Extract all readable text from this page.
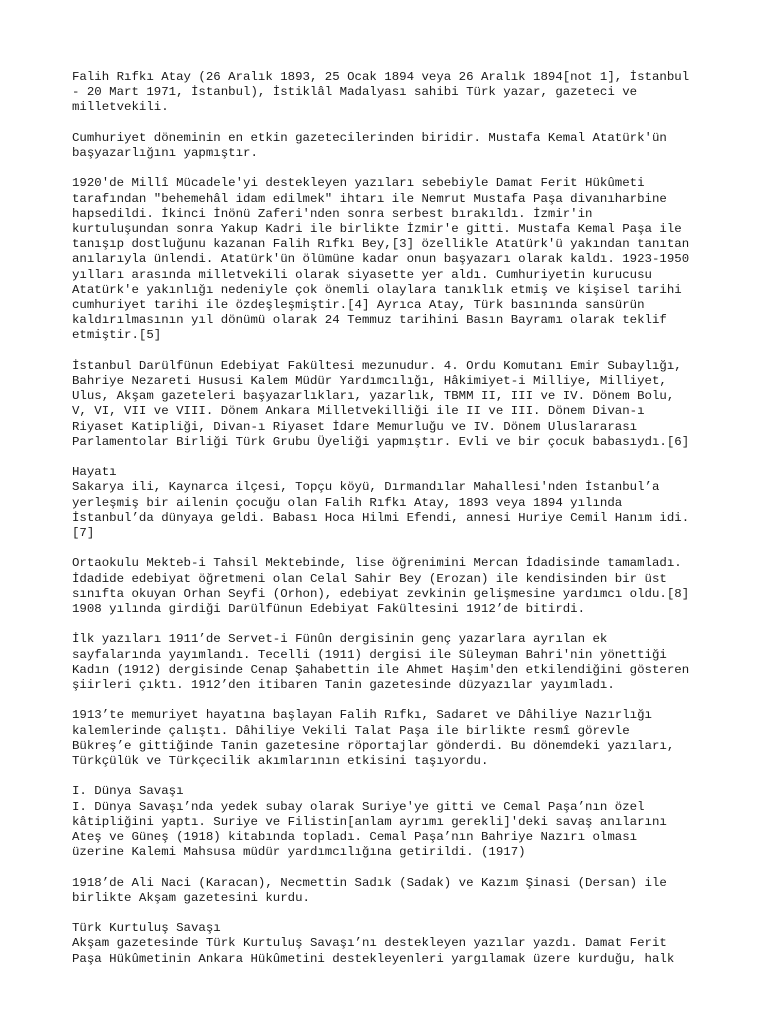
Falih Rıfkı Atay (26 Aralık 1893, 25 Ocak 1894 veya 26 Aralık 1894[not 1], İstanbul
- 20 Mart 1971, İstanbul), İstiklâl Madalyası sahibi Türk yazar, gazeteci ve
milletvekili.

Cumhuriyet döneminin en etkin gazetecilerinden biridir. Mustafa Kemal Atatürk'ün
başyazarlığını yapmıştır.

1920'de Millî Mücadele'yi destekleyen yazıları sebebiyle Damat Ferit Hükûmeti
tarafından "behemehâl idam edilmek" ihtarı ile Nemrut Mustafa Paşa divanıharbine
hapsedildi. İkinci İnönü Zaferi'nden sonra serbest bırakıldı. İzmir'in
kurtuluşundan sonra Yakup Kadri ile birlikte İzmir'e gitti. Mustafa Kemal Paşa ile
tanışıp dostluğunu kazanan Falih Rıfkı Bey,[3] özellikle Atatürk'ü yakından tanıtan
anılarıyla ünlendi. Atatürk'ün ölümüne kadar onun başyazarı olarak kaldı. 1923-1950
yılları arasında milletvekili olarak siyasette yer aldı. Cumhuriyetin kurucusu
Atatürk'e yakınlığı nedeniyle çok önemli olaylara tanıklık etmiş ve kişisel tarihi
cumhuriyet tarihi ile özdeşleşmiştir.[4] Ayrıca Atay, Türk basınında sansürün
kaldırılmasının yıl dönümü olarak 24 Temmuz tarihini Basın Bayramı olarak teklif
etmiştir.[5]

İstanbul Darülfünun Edebiyat Fakültesi mezunudur. 4. Ordu Komutanı Emir Subaylığı,
Bahriye Nezareti Hususi Kalem Müdür Yardımcılığı, Hâkimiyet-i Milliye, Milliyet,
Ulus, Akşam gazeteleri başyazarlıkları, yazarlık, TBMM II, III ve IV. Dönem Bolu,
V, VI, VII ve VIII. Dönem Ankara Milletvekilliği ile II ve III. Dönem Divan-ı
Riyaset Katipliği, Divan-ı Riyaset İdare Memurluğu ve IV. Dönem Uluslararası
Parlamentolar Birliği Türk Grubu Üyeliği yapmıştır. Evli ve bir çocuk babasıydı.[6]

Hayatı

Sakarya ili, Kaynarca ilçesi, Topçu köyü, Dırmandılar Mahallesi'nden İstanbul’a
yerleşmiş bir ailenin çocuğu olan Falih Rıfkı Atay, 1893 veya 1894 yılında
İstanbul’da dünyaya geldi. Babası Hoca Hilmi Efendi, annesi Huriye Cemil Hanım idi.
[7]

Ortaokulu Mekteb-i Tahsil Mektebinde, lise öğrenimini Mercan İdadisinde tamamladı.
İdadide edebiyat öğretmeni olan Celal Sahir Bey (Erozan) ile kendisinden bir üst
sınıfta okuyan Orhan Seyfi (Orhon), edebiyat zevkinin gelişmesine yardımcı oldu.[8]
1908 yılında girdiği Darülfünun Edebiyat Fakültesini 1912’de bitirdi.

İlk yazıları 1911’de Servet-i Fünûn dergisinin genç yazarlara ayrılan ek
sayfalarında yayımlandı. Tecelli (1911) dergisi ile Süleyman Bahri'nin yönettiği
Kadın (1912) dergisinde Cenap Şahabettin ile Ahmet Haşim'den etkilendiğini gösteren
şiirleri çıktı. 1912’den itibaren Tanin gazetesinde düzyazılar yayımladı.

1913’te memuriyet hayatına başlayan Falih Rıfkı, Sadaret ve Dâhiliye Nazırlığı
kalemlerinde çalıştı. Dâhiliye Vekili Talat Paşa ile birlikte resmî görevle
Bükreş’e gittiğinde Tanin gazetesine röportajlar gönderdi. Bu dönemdeki yazıları,
Türkçülük ve Türkçecilik akımlarının etkisini taşıyordu.

I. Dünya Savaşı

I. Dünya Savaşı’nda yedek subay olarak Suriye'ye gitti ve Cemal Paşa’nın özel
kâtipliğini yaptı. Suriye ve Filistin[anlam ayrımı gerekli]'deki savaş anılarını
Ateş ve Güneş (1918) kitabında topladı. Cemal Paşa’nın Bahriye Nazırı olması
üzerine Kalemi Mahsusa müdür yardımcılığına getirildi. (1917)

1918’de Ali Naci (Karacan), Necmettin Sadık (Sadak) ve Kazım Şinasi (Dersan) ile
birlikte Akşam gazetesini kurdu.

Türk Kurtuluş Savaşı

Akşam gazetesinde Türk Kurtuluş Savaşı’nı destekleyen yazılar yazdı. Damat Ferit
Paşa Hükûmetinin Ankara Hükûmetini destekleyenleri yargılamak üzere kurduğu, halk
